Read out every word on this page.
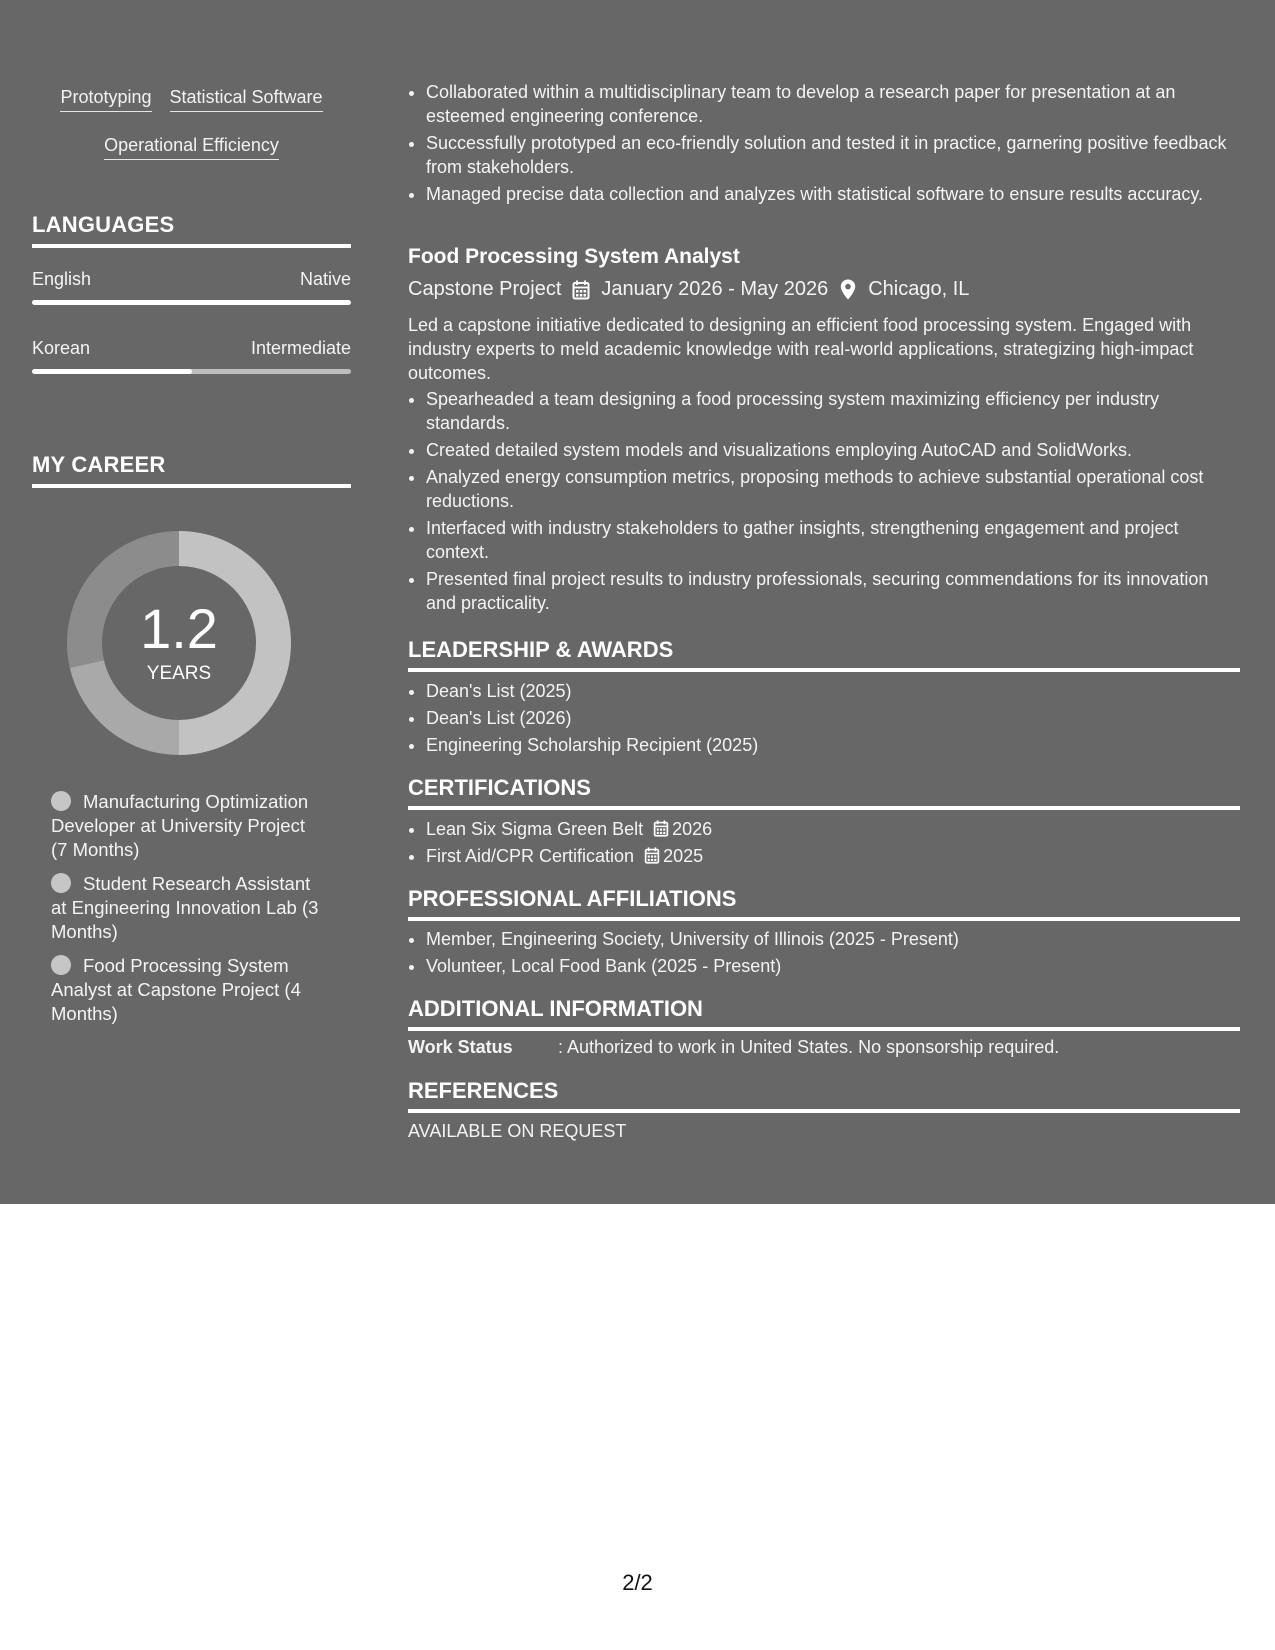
Prototyping Statistical Software
Operational Efficiency
LANGUAGES
English	Native
Korean	Intermediate
MY CAREER
1.2
YEARS
Manufacturing Optimization Developer at University Project (7 Months)
Student Research Assistant at Engineering Innovation Lab (3 Months)
Food Processing System Analyst at Capstone Project (4 Months)
• Collaborated within a multidisciplinary team to develop a research paper for presentation at an esteemed engineering conference.
• Successfully prototyped an eco-friendly solution and tested it in practice, garnering positive feedback from stakeholders.
• Managed precise data collection and analyzes with statistical software to ensure results accuracy.
Food Processing System Analyst
Capstone Project January 2026 - May 2026 Chicago, IL
Led a capstone initiative dedicated to designing an efficient food processing system. Engaged with industry experts to meld academic knowledge with real-world applications, strategizing high-impact outcomes.
• Spearheaded a team designing a food processing system maximizing efficiency per industry standards.
• Created detailed system models and visualizations employing AutoCAD and SolidWorks.
• Analyzed energy consumption metrics, proposing methods to achieve substantial operational cost reductions.
• Interfaced with industry stakeholders to gather insights, strengthening engagement and project context.
• Presented final project results to industry professionals, securing commendations for its innovation and practicality.
LEADERSHIP & AWARDS
• Dean's List (2025)
• Dean's List (2026)
• Engineering Scholarship Recipient (2025)
CERTIFICATIONS
• Lean Six Sigma Green Belt 2026
• First Aid/CPR Certification 2025
PROFESSIONAL AFFILIATIONS
• Member, Engineering Society, University of Illinois (2025 - Present)
• Volunteer, Local Food Bank (2025 - Present)
ADDITIONAL INFORMATION
Work Status	: Authorized to work in United States. No sponsorship required.
REFERENCES
AVAILABLE ON REQUEST
2/2
